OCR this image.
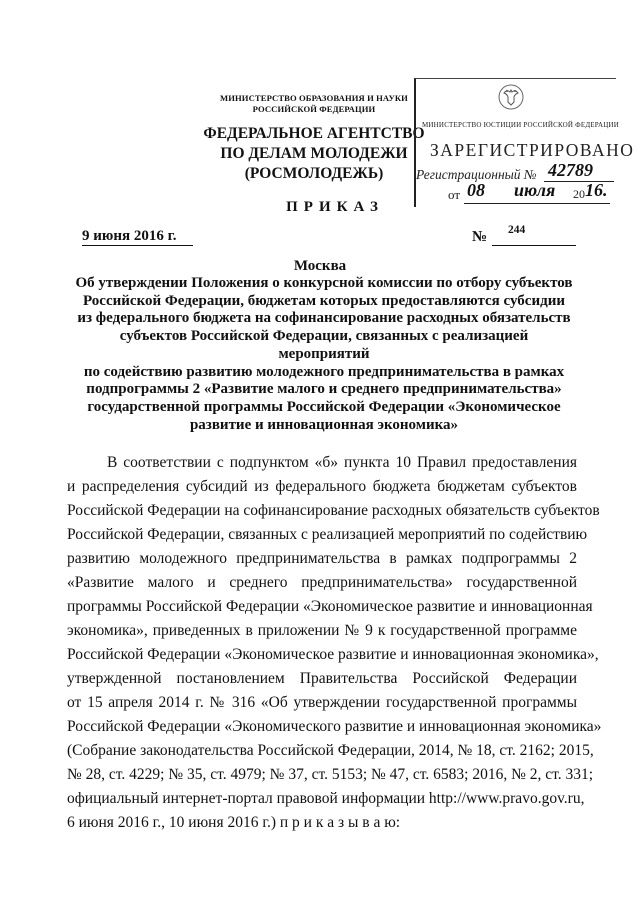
МИНИСТЕРСТВО ОБРАЗОВАНИЯ И НАУКИ
РОССИЙСКОЙ ФЕДЕРАЦИИ
ФЕДЕРАЛЬНОЕ АГЕНТСТВО
ПО ДЕЛАМ МОЛОДЕЖИ
(РОСМОЛОДЕЖЬ)
ПРИКАЗ
МИНИСТЕРСТВО ЮСТИЦИИ РОССИЙСКОЙ ФЕДЕРАЦИИ
ЗАРЕГИСТРИРОВАНО
Регистрационный № 42789
от 08 июля 20 16.
9 июня 2016 г.	№ 244
Москва
Об утверждении Положения о конкурсной комиссии по отбору субъектов
Российской Федерации, бюджетам которых предоставляются субсидии
из федерального бюджета на софинансирование расходных обязательств
субъектов Российской Федерации, связанных с реализацией мероприятий
по содействию развитию молодежного предпринимательства в рамках
подпрограммы 2 «Развитие малого и среднего предпринимательства»
государственной программы Российской Федерации «Экономическое
развитие и инновационная экономика»
В соответствии с подпунктом «б» пункта 10 Правил предоставления
и распределения субсидий из федерального бюджета бюджетам субъектов
Российской Федерации на софинансирование расходных обязательств субъектов
Российской Федерации, связанных с реализацией мероприятий по содействию
развитию молодежного предпринимательства в рамках подпрограммы 2
«Развитие малого и среднего предпринимательства» государственной
программы Российской Федерации «Экономическое развитие и инновационная
экономика», приведенных в приложении № 9 к государственной программе
Российской Федерации «Экономическое развитие и инновационная экономика»,
утвержденной постановлением Правительства Российской Федерации
от 15 апреля 2014 г. № 316 «Об утверждении государственной программы
Российской Федерации «Экономического развитие и инновационная экономика»
(Собрание законодательства Российской Федерации, 2014, № 18, ст. 2162; 2015,
№ 28, ст. 4229; № 35, ст. 4979; № 37, ст. 5153; № 47, ст. 6583; 2016, № 2, ст. 331;
официальный интернет-портал правовой информации http://www.pravo.gov.ru,
6 июня 2016 г., 10 июня 2016 г.) п р и к а з ы в а ю:
